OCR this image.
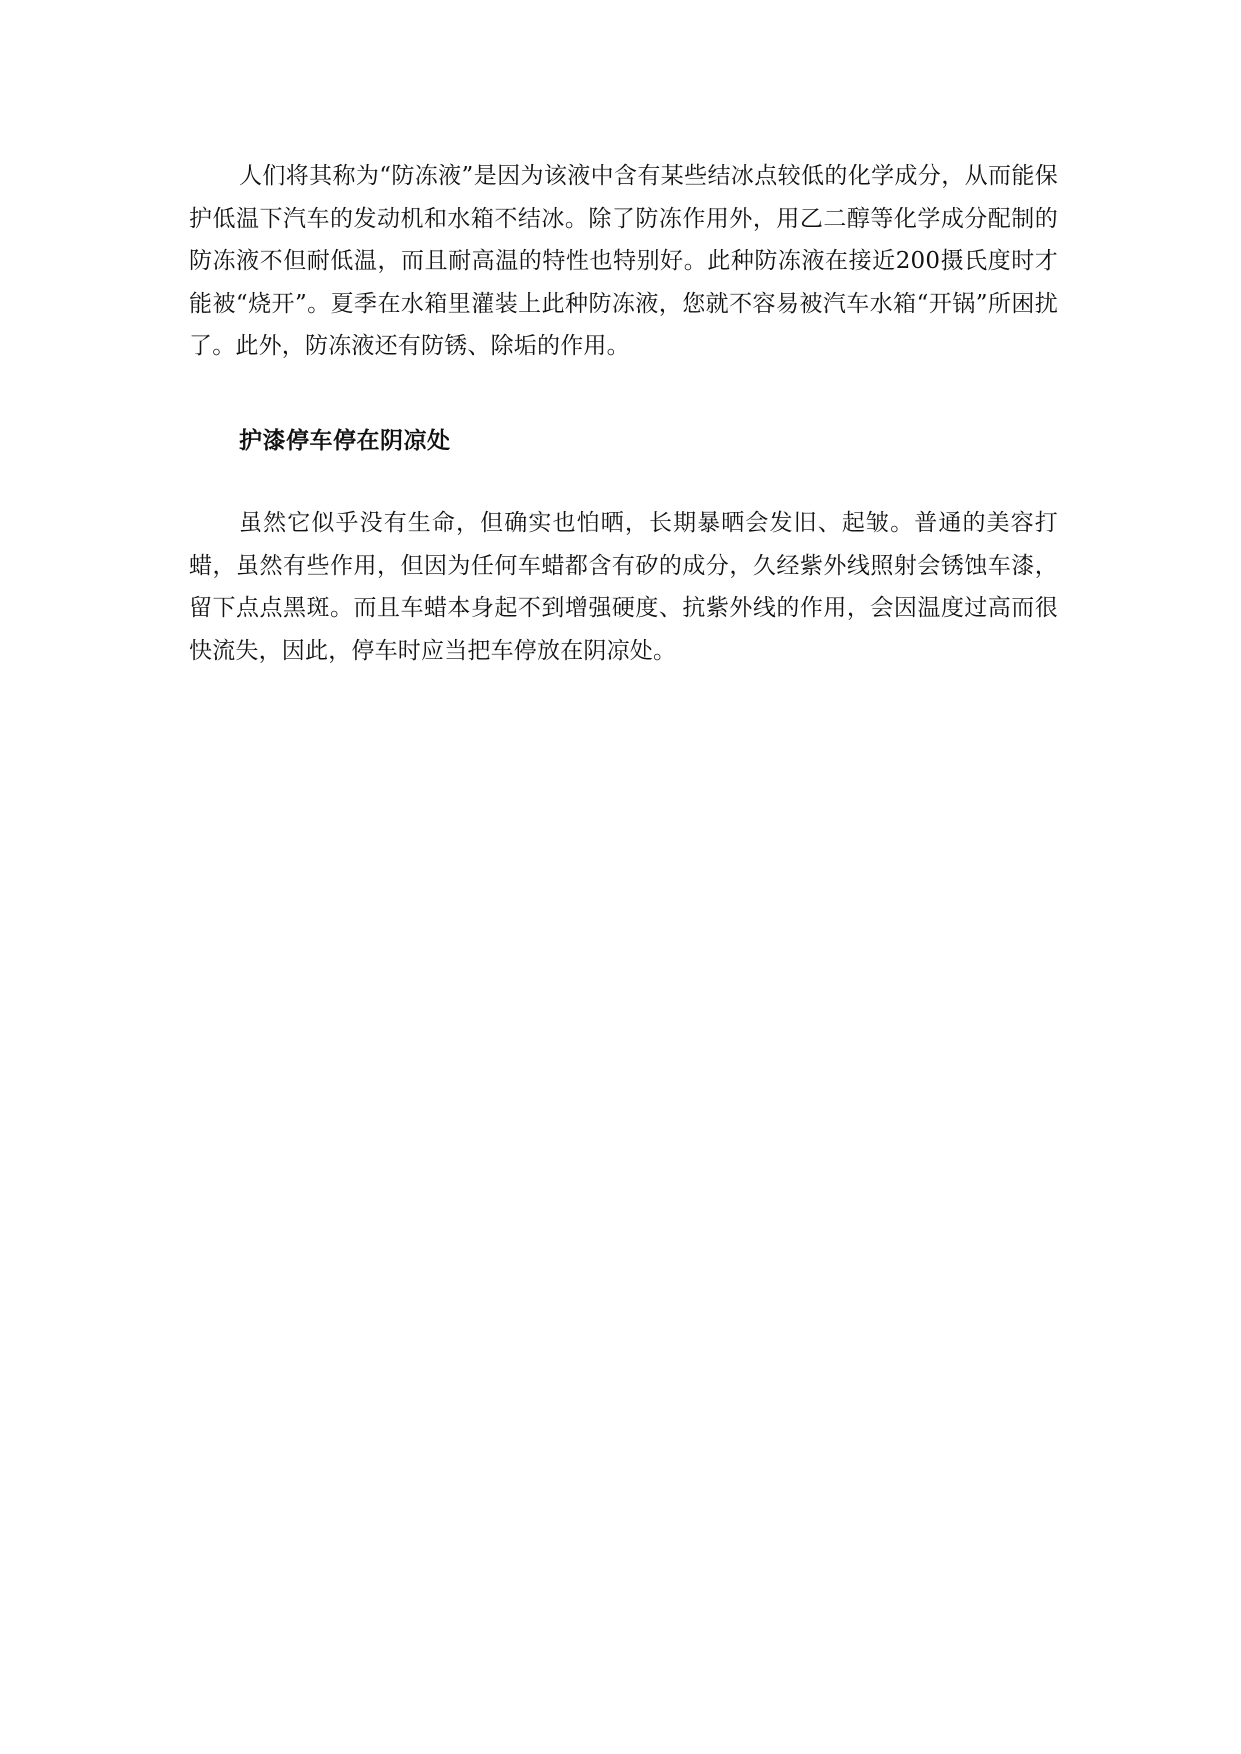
人们将其称为“防冻液”是因为该液中含有某些结冰点较低的化学成分，从而能保护低温下汽车的发动机和水箱不结冰。除了防冻作用外，用乙二醇等化学成分配制的防冻液不但耐低温，而且耐高温的特性也特别好。此种防冻液在接近200摄氏度时才能被“烧开”。夏季在水箱里灌装上此种防冻液，您就不容易被汽车水箱“开锅”所困扰了。此外，防冻液还有防锈、除垢的作用。

护漆停车停在阴凉处

虽然它似乎没有生命，但确实也怕晒，长期暴晒会发旧、起皱。普通的美容打蜡，虽然有些作用，但因为任何车蜡都含有矽的成分，久经紫外线照射会锈蚀车漆，留下点点黑斑。而且车蜡本身起不到增强硬度、抗紫外线的作用，会因温度过高而很快流失，因此，停车时应当把车停放在阴凉处。
